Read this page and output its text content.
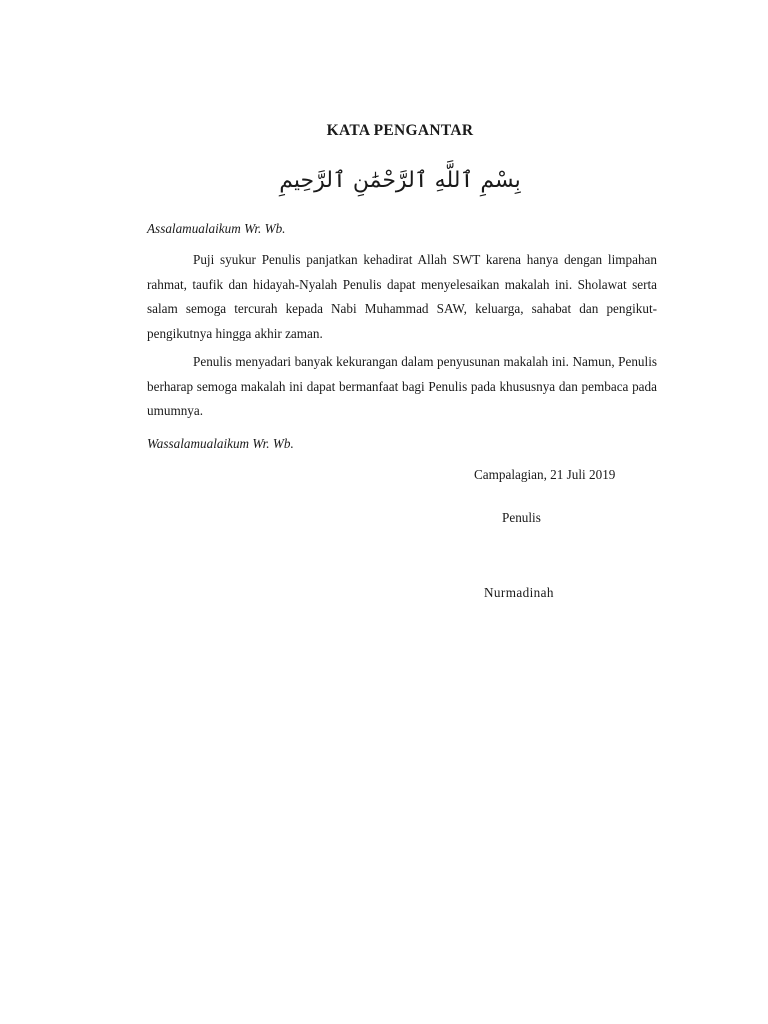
KATA PENGANTAR
بِسْمِ ٱللَّهِ ٱلرَّحْمَٰنِ ٱلرَّحِيمِ
Assalamualaikum Wr. Wb.

Puji syukur Penulis panjatkan kehadirat Allah SWT karena hanya dengan limpahan rahmat, taufik dan hidayah-Nyalah Penulis dapat menyelesaikan makalah ini. Sholawat serta salam semoga tercurah kepada Nabi Muhammad SAW, keluarga, sahabat dan pengikut-pengikutnya hingga akhir zaman.

Penulis menyadari banyak kekurangan dalam penyusunan makalah ini. Namun, Penulis berharap semoga makalah ini dapat bermanfaat bagi Penulis pada khususnya dan pembaca pada umumnya.

Wassalamualaikum Wr. Wb.
Campalagian, 21 Juli 2019
Penulis
Nurmadinah
